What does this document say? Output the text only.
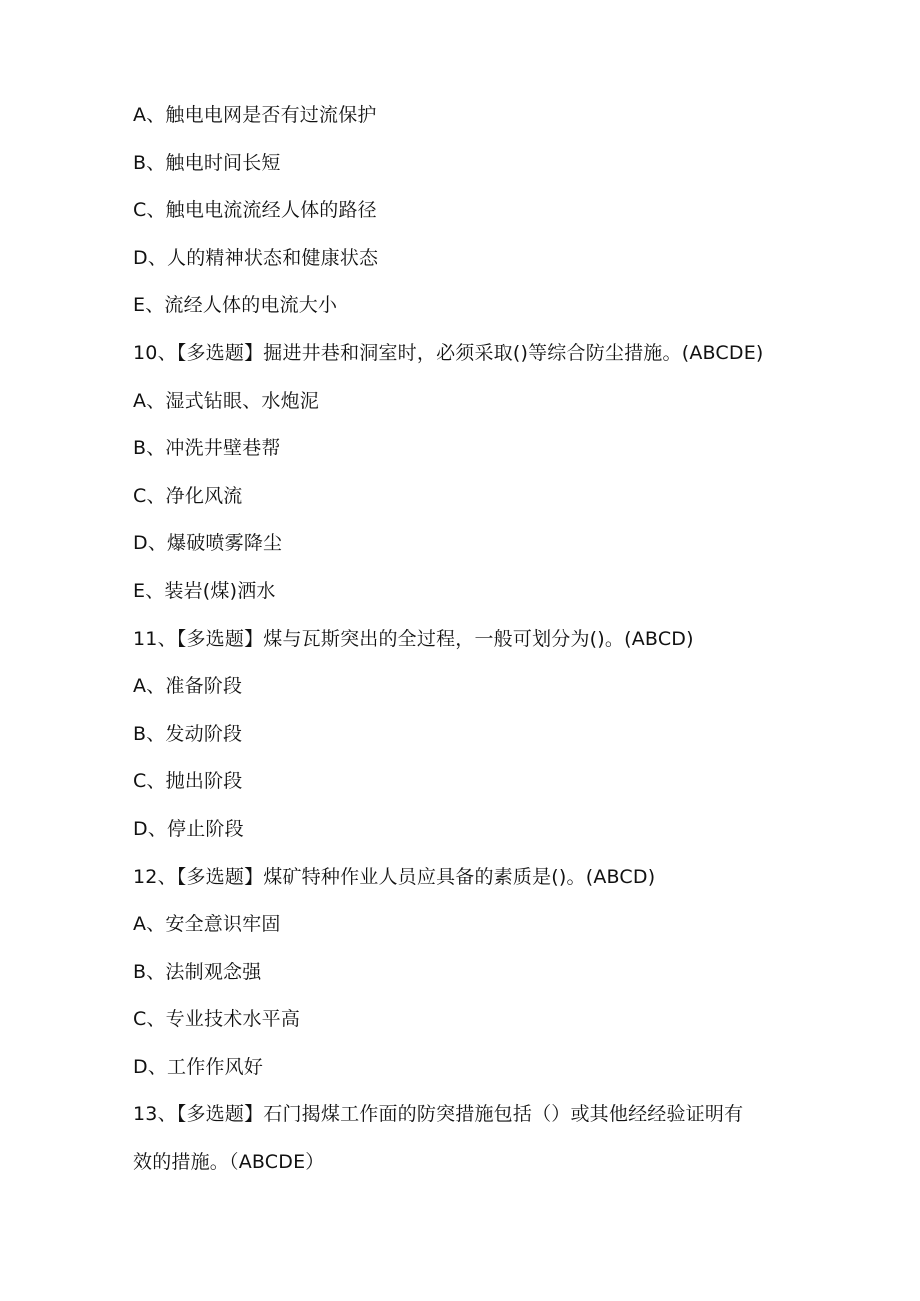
A、触电电网是否有过流保护
B、触电时间长短
C、触电电流流经人体的路径
D、人的精神状态和健康状态
E、流经人体的电流大小
10、【多选题】掘进井巷和洞室时，必须采取()等综合防尘措施。(ABCDE)
A、湿式钻眼、水炮泥
B、冲洗井壁巷帮
C、净化风流
D、爆破喷雾降尘
E、装岩(煤)洒水
11、【多选题】煤与瓦斯突出的全过程，一般可划分为()。(ABCD)
A、准备阶段
B、发动阶段
C、抛出阶段
D、停止阶段
12、【多选题】煤矿特种作业人员应具备的素质是()。(ABCD)
A、安全意识牢固
B、法制观念强
C、专业技术水平高
D、工作作风好
13、【多选题】石门揭煤工作面的防突措施包括（）或其他经经验证明有
效的措施。（ABCDE）
